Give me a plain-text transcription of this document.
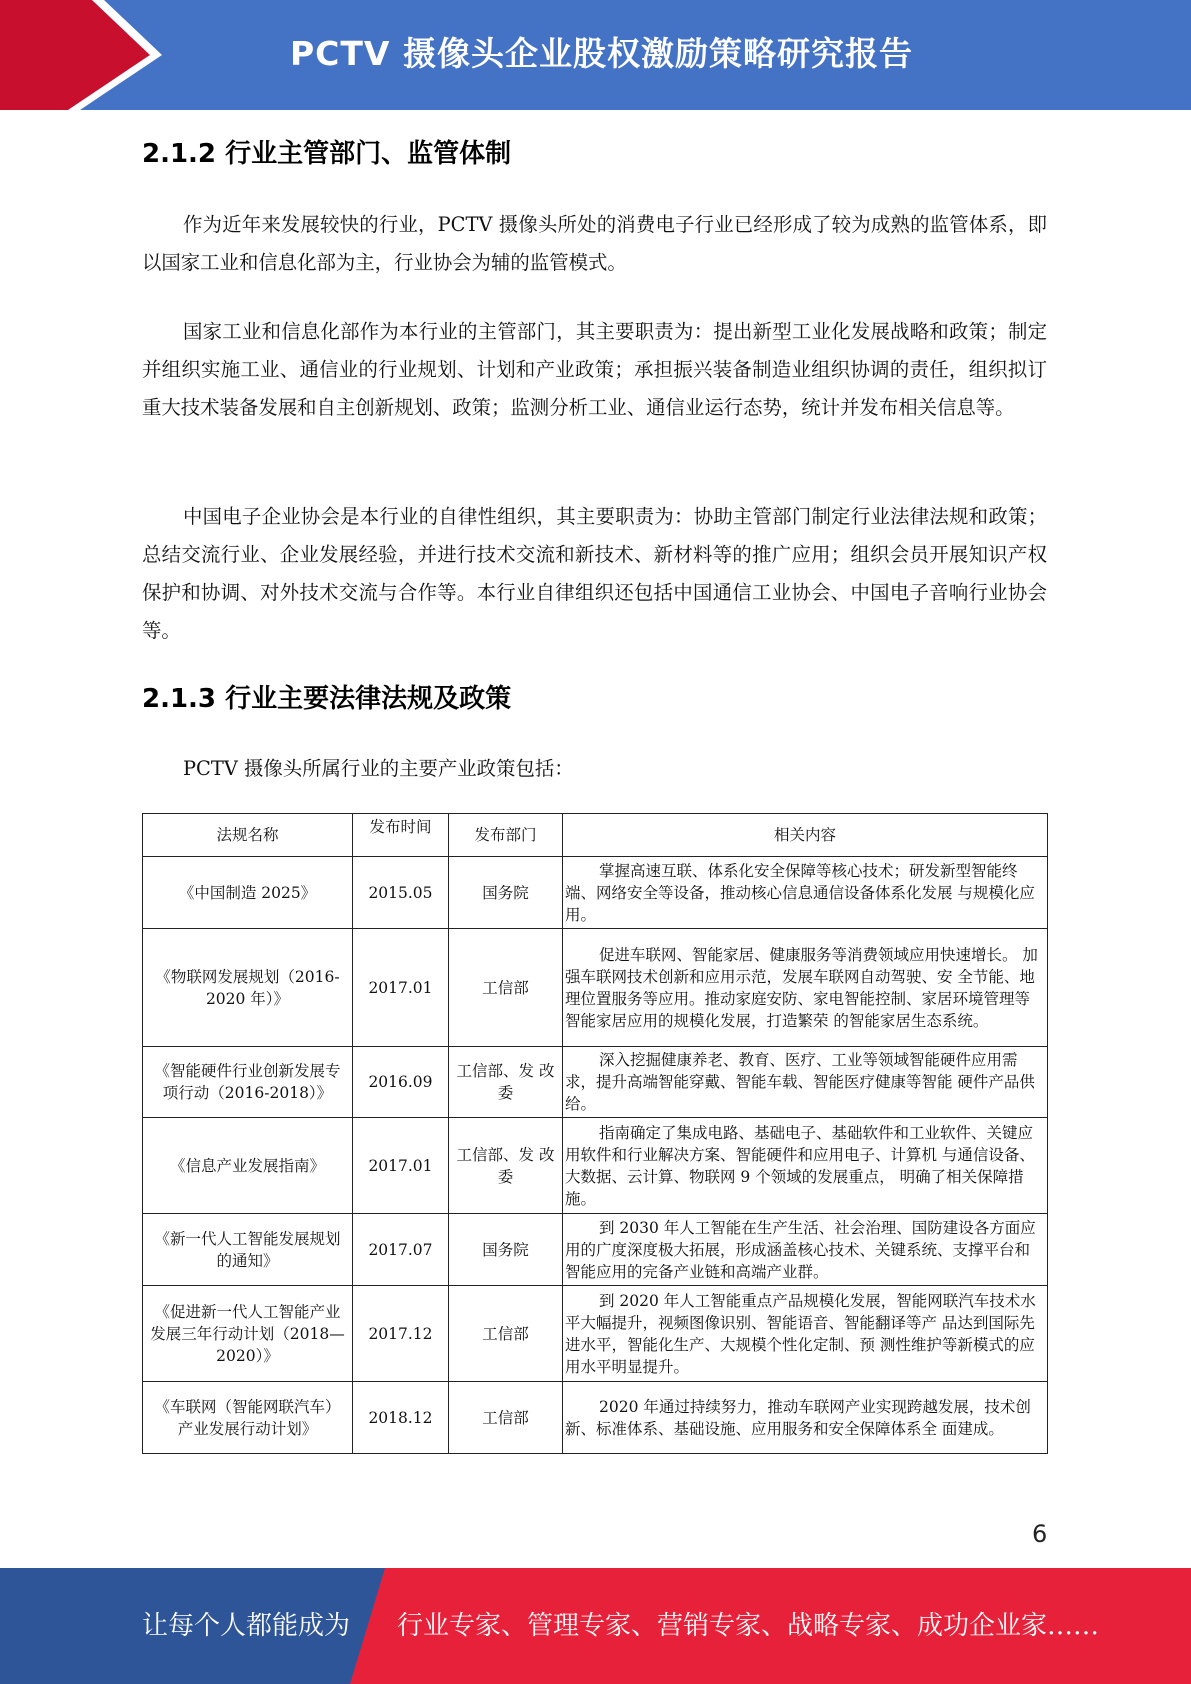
PCTV 摄像头企业股权激励策略研究报告
2.1.2 行业主管部门、监管体制

作为近年来发展较快的行业，PCTV 摄像头所处的消费电子行业已经形成了较为成熟的监管体系，即以国家工业和信息化部为主，行业协会为辅的监管模式。

国家工业和信息化部作为本行业的主管部门，其主要职责为：提出新型工业化发展战略和政策；制定并组织实施工业、通信业的行业规划、计划和产业政策；承担振兴装备制造业组织协调的责任，组织拟订重大技术装备发展和自主创新规划、政策；监测分析工业、通信业运行态势，统计并发布相关信息等。

中国电子企业协会是本行业的自律性组织，其主要职责为：协助主管部门制定行业法律法规和政策；总结交流行业、企业发展经验，并进行技术交流和新技术、新材料等的推广应用；组织会员开展知识产权保护和协调、对外技术交流与合作等。本行业自律组织还包括中国通信工业协会、中国电子音响行业协会等。

2.1.3 行业主要法律法规及政策

PCTV 摄像头所属行业的主要产业政策包括：

法规名称	发布时间	发布部门	相关内容
《中国制造 2025》	2015.05	国务院	掌握高速互联、体系化安全保障等核心技术；研发新型智能终端、网络安全等设备，推动核心信息通信设备体系化发展 与规模化应用。
《物联网发展规划（2016-2020 年）》	2017.01	工信部	促进车联网、智能家居、健康服务等消费领域应用快速增长。 加强车联网技术创新和应用示范，发展车联网自动驾驶、安 全节能、地理位置服务等应用。推动家庭安防、家电智能控制、家居环境管理等智能家居应用的规模化发展，打造繁荣 的智能家居生态系统。
《智能硬件行业创新发展专项行动（2016-2018）》	2016.09	工信部、发 改委	深入挖掘健康养老、教育、医疗、工业等领域智能硬件应用需求，提升高端智能穿戴、智能车载、智能医疗健康等智能 硬件产品供给。
《信息产业发展指南》	2017.01	工信部、发 改委	指南确定了集成电路、基础电子、基础软件和工业软件、关键应用软件和行业解决方案、智能硬件和应用电子、计算机 与通信设备、大数据、云计算、物联网 9 个领域的发展重点， 明确了相关保障措施。
《新一代人工智能发展规划的通知》	2017.07	国务院	到 2030 年人工智能在生产生活、社会治理、国防建设各方面应用的广度深度极大拓展，形成涵盖核心技术、关键系统、支撑平台和智能应用的完备产业链和高端产业群。
《促进新一代人工智能产业发展三年行动计划（2018—2020）》	2017.12	工信部	到 2020 年人工智能重点产品规模化发展，智能网联汽车技术水平大幅提升，视频图像识别、智能语音、智能翻译等产 品达到国际先进水平，智能化生产、大规模个性化定制、预 测性维护等新模式的应用水平明显提升。
《车联网（智能网联汽车）产业发展行动计划》	2018.12	工信部	2020 年通过持续努力，推动车联网产业实现跨越发展，技术创新、标准体系、基础设施、应用服务和安全保障体系全 面建成。
6
让每个人都能成为 行业专家、管理专家、营销专家、战略专家、成功企业家……
